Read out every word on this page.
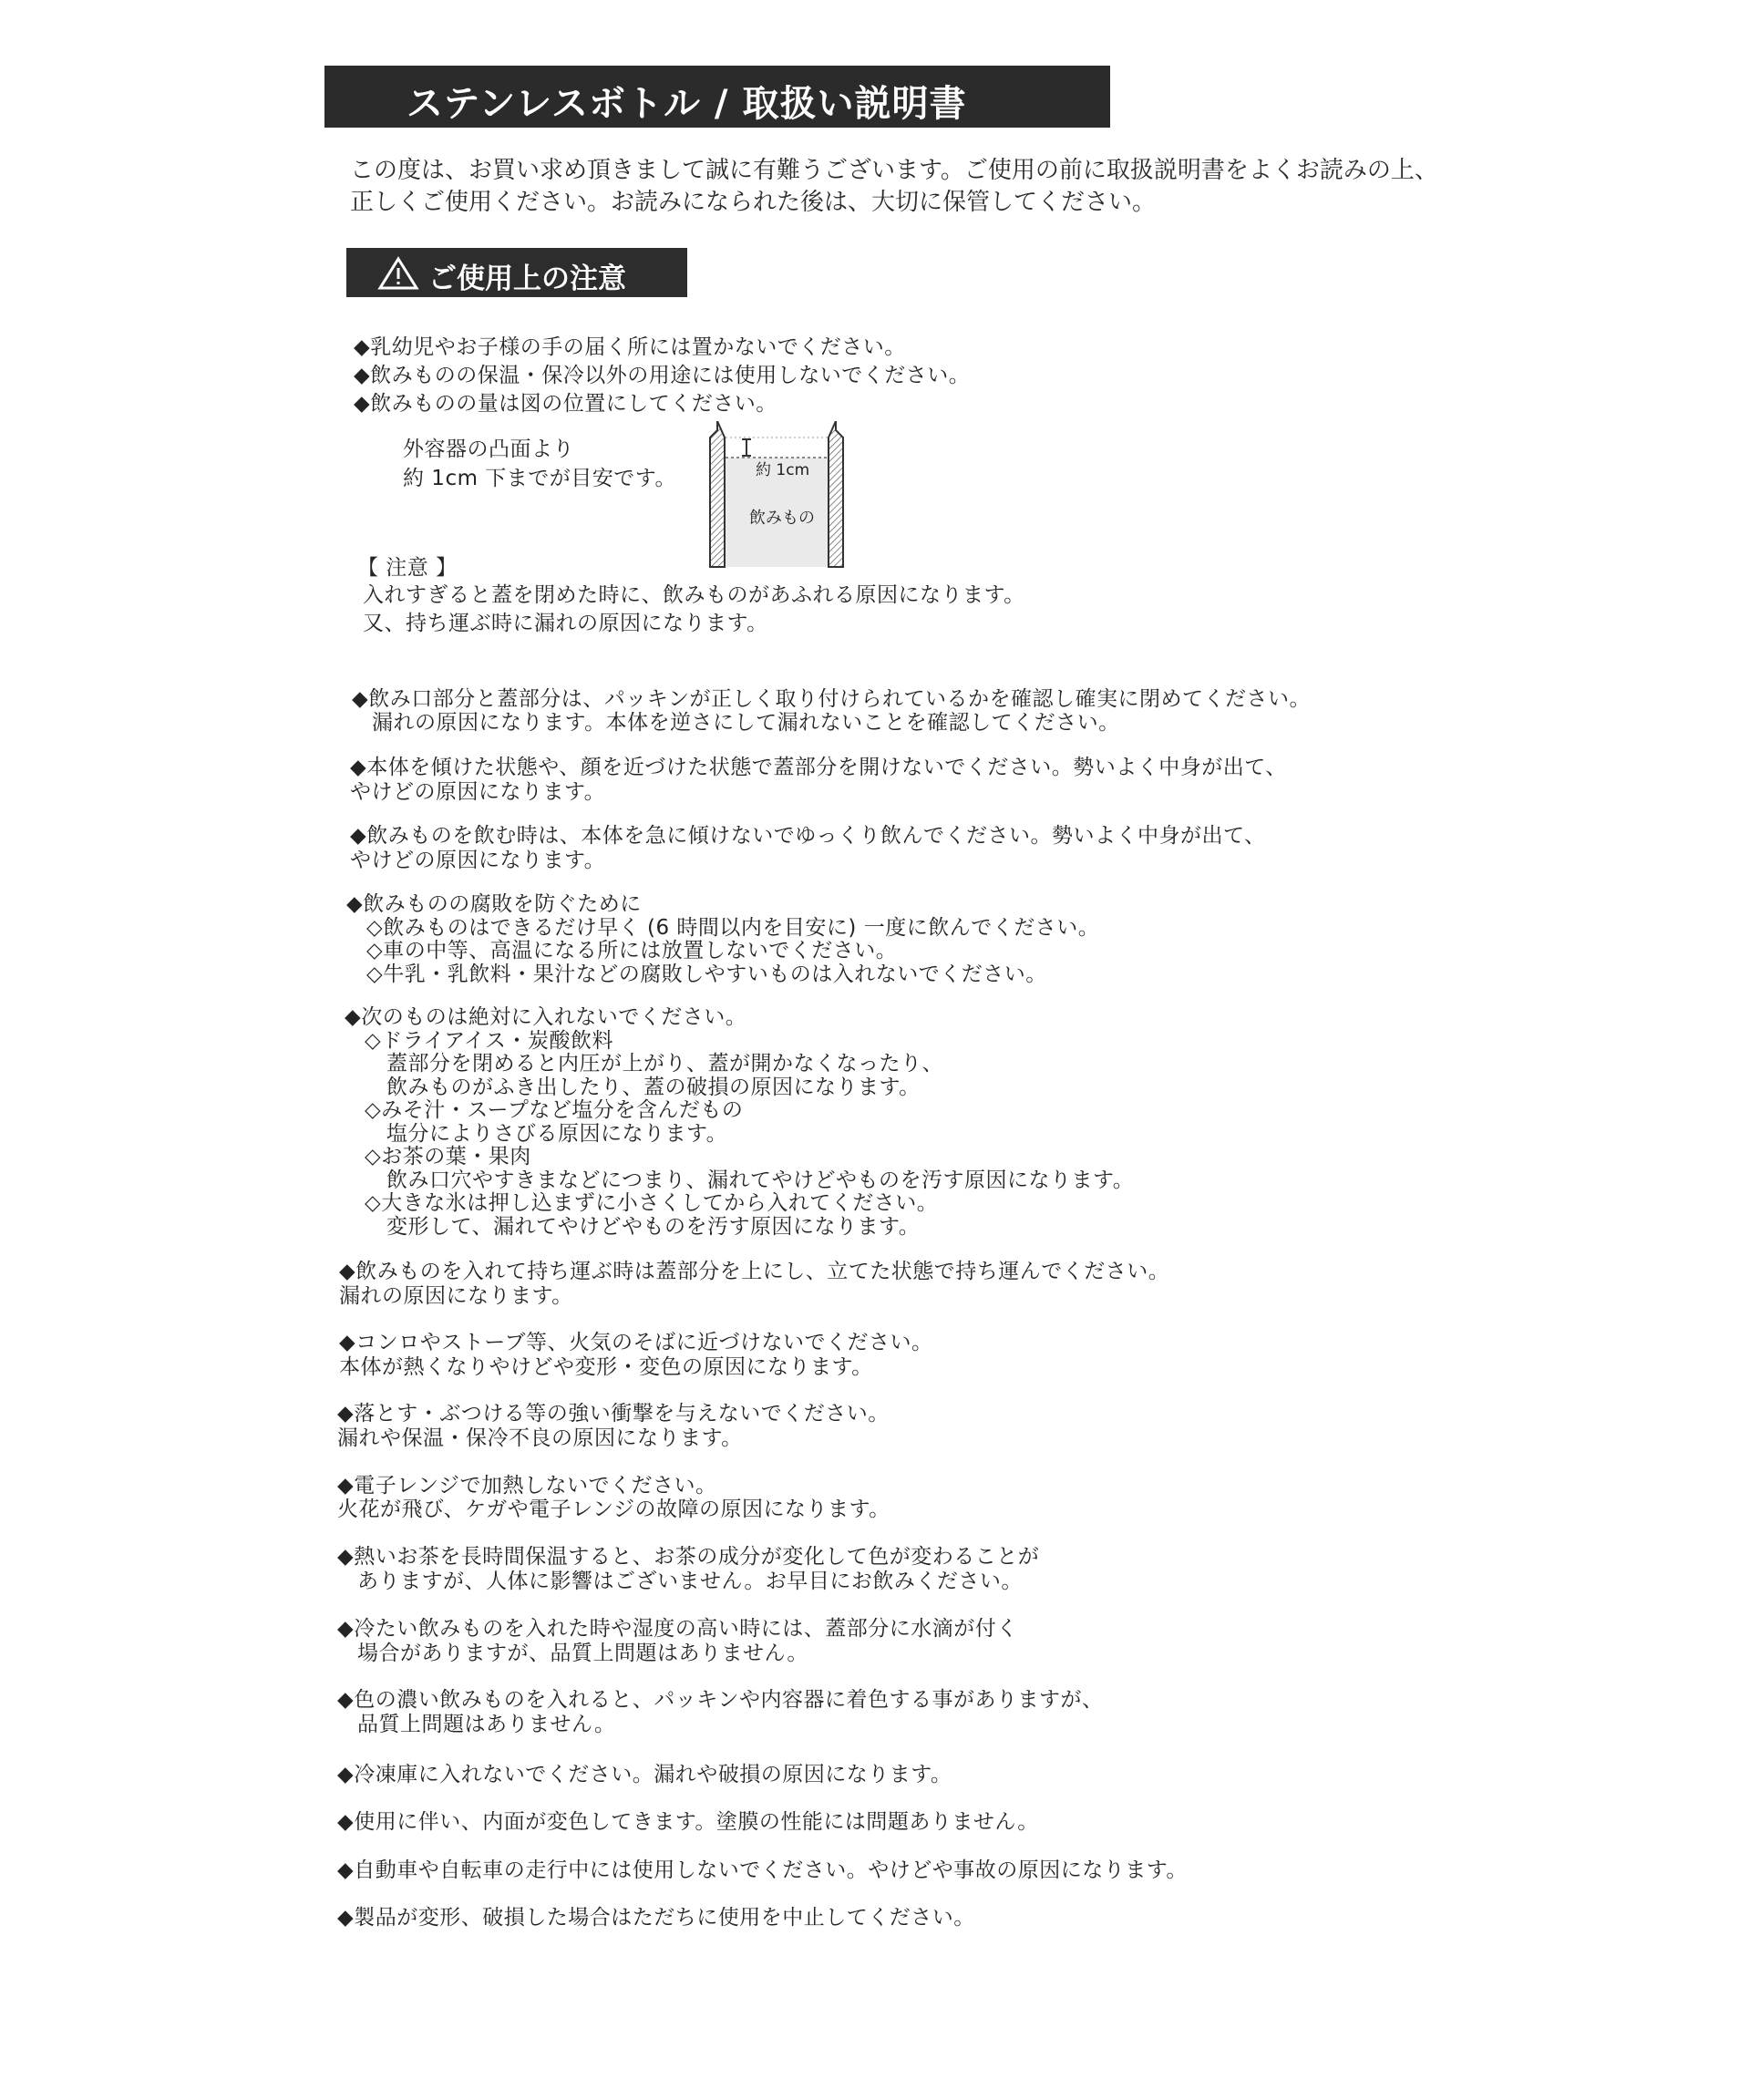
ステンレスボトル / 取扱い説明書
この度は、お買い求め頂きまして誠に有難うございます。ご使用の前に取扱説明書をよくお読みの上、
正しくご使用ください。お読みになられた後は、大切に保管してください。
ご使用上の注意
◆乳幼児やお子様の手の届く所には置かないでください。
◆飲みものの保温・保冷以外の用途には使用しないでください。
◆飲みものの量は図の位置にしてください。
外容器の凸面より
約 1cm 下までが目安です。	約 1cm
飲みもの
【 注意 】
入れすぎると蓋を閉めた時に、飲みものがあふれる原因になります。
又、持ち運ぶ時に漏れの原因になります。
◆飲み口部分と蓋部分は、パッキンが正しく取り付けられているかを確認し確実に閉めてください。
漏れの原因になります。本体を逆さにして漏れないことを確認してください。
◆本体を傾けた状態や、顔を近づけた状態で蓋部分を開けないでください。勢いよく中身が出て、
やけどの原因になります。
◆飲みものを飲む時は、本体を急に傾けないでゆっくり飲んでください。勢いよく中身が出て、
やけどの原因になります。
◆飲みものの腐敗を防ぐために
◇飲みものはできるだけ早く (6 時間以内を目安に) 一度に飲んでください。
◇車の中等、高温になる所には放置しないでください。
◇牛乳・乳飲料・果汁などの腐敗しやすいものは入れないでください。
◆次のものは絶対に入れないでください。
◇ドライアイス・炭酸飲料
蓋部分を閉めると内圧が上がり、蓋が開かなくなったり、
飲みものがふき出したり、蓋の破損の原因になります。
◇みそ汁・スープなど塩分を含んだもの
塩分によりさびる原因になります。
◇お茶の葉・果肉
飲み口穴やすきまなどにつまり、漏れてやけどやものを汚す原因になります。
◇大きな氷は押し込まずに小さくしてから入れてください。
変形して、漏れてやけどやものを汚す原因になります。
◆飲みものを入れて持ち運ぶ時は蓋部分を上にし、立てた状態で持ち運んでください。
漏れの原因になります。
◆コンロやストーブ等、火気のそばに近づけないでください。
本体が熱くなりやけどや変形・変色の原因になります。
◆落とす・ぶつける等の強い衝撃を与えないでください。
漏れや保温・保冷不良の原因になります。
◆電子レンジで加熱しないでください。
火花が飛び、ケガや電子レンジの故障の原因になります。
◆熱いお茶を長時間保温すると、お茶の成分が変化して色が変わることが
ありますが、人体に影響はございません。お早目にお飲みください。
◆冷たい飲みものを入れた時や湿度の高い時には、蓋部分に水滴が付く
場合がありますが、品質上問題はありません。
◆色の濃い飲みものを入れると、パッキンや内容器に着色する事がありますが、
品質上問題はありません。
◆冷凍庫に入れないでください。漏れや破損の原因になります。
◆使用に伴い、内面が変色してきます。塗膜の性能には問題ありません。
◆自動車や自転車の走行中には使用しないでください。やけどや事故の原因になります。
◆製品が変形、破損した場合はただちに使用を中止してください。
